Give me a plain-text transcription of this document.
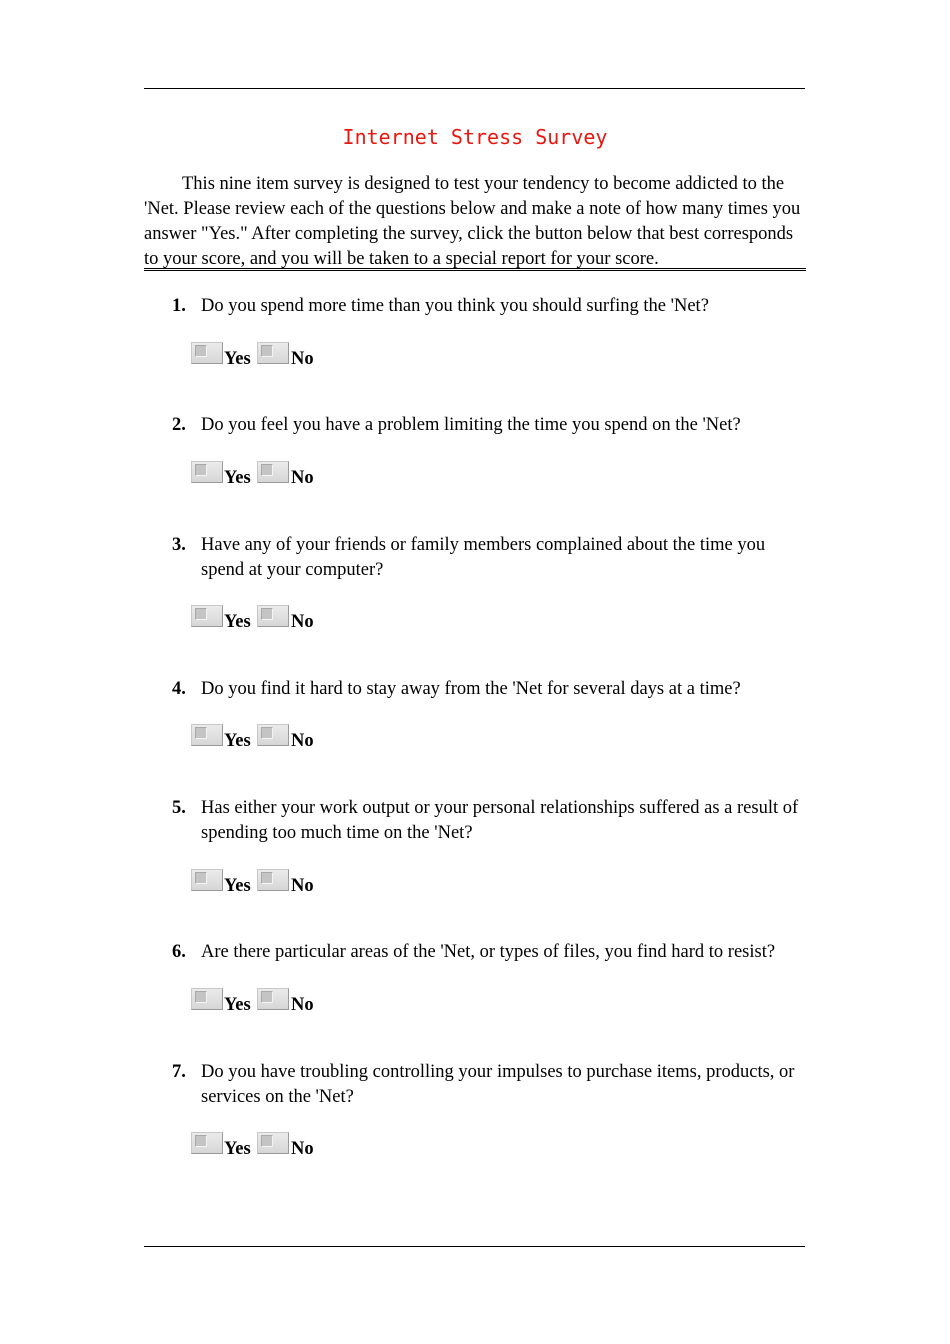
Internet Stress Survey

This nine item survey is designed to test your tendency to become addicted to the 'Net. Please review each of the questions below and make a note of how many times you answer "Yes." After completing the survey, click the button below that best corresponds to your score, and you will be taken to a special report for your score.

1. Do you spend more time than you think you should surfing the 'Net?
Yes No
2. Do you feel you have a problem limiting the time you spend on the 'Net?
Yes No
3. Have any of your friends or family members complained about the time you spend at your computer?
Yes No
4. Do you find it hard to stay away from the 'Net for several days at a time?
Yes No
5. Has either your work output or your personal relationships suffered as a result of spending too much time on the 'Net?
Yes No
6. Are there particular areas of the 'Net, or types of files, you find hard to resist?
Yes No
7. Do you have troubling controlling your impulses to purchase items, products, or services on the 'Net?
Yes No
